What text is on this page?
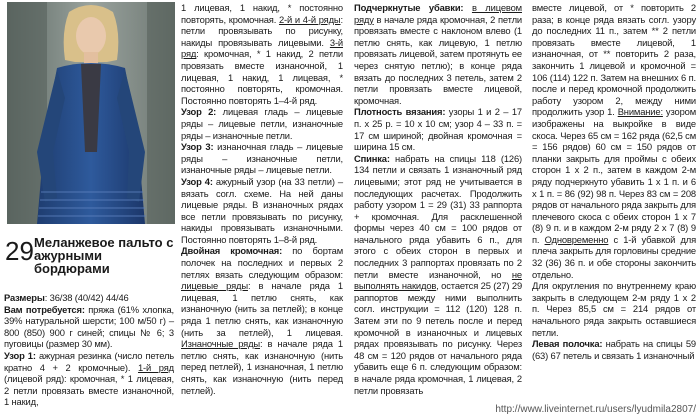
29 Меланжевое пальто с ажурными бордюрами

Размеры: 36/38 (40/42) 44/46

Вам потребуется: пряжа (61% хлопка, 39% натуральной шерсти; 100 м/50 г) – 800 (850) 900 г синей; спицы № 6; 3 пуговицы (размер 30 мм).

Узор 1: ажурная резинка (число петель кратно 4 + 2 кромочные). 1-й ряд (лицевой ряд): кромочная, * 1 лицевая, 2 петли провязать вместе изнаночной, 1 накид,

1 лицевая, 1 накид, * постоянно повторять, кромочная. 2-й и 4-й ряды: петли провязывать по рисунку, накиды провязывать лицевыми. 3-й ряд: кромочная, * 1 накид, 2 петли провязать вместе изнаночной, 1 лицевая, 1 накид, 1 лицевая, * постоянно повторять, кромочная. Постоянно повторять 1–4-й ряд.

Узор 2: лицевая гладь – лицевые ряды – лицевые петли, изнаночные ряды – изнаночные петли.

Узор 3: изнаночная гладь – лицевые ряды – изнаночные петли, изнаночные ряды – лицевые петли.

Узор 4: ажурный узор (на 33 петли) – вязать согл. схеме. На ней даны лицевые ряды. В изнаночных рядах все петли провязывать по рисунку, накиды провязывать изнаночными. Постоянно повторять 1–8-й ряд.

Двойная кромочная: по бортам полочек на последних и первых 2 петлях вязать следующим образом: лицевые ряды: в начале ряда 1 лицевая, 1 петлю снять, как изнаночную (нить за петлей); в конце ряда 1 петлю снять, как изнаночную (нить за петлей), 1 лицевая. Изнаночные ряды: в начале ряда 1 петлю снять, как изнаночную (нить перед петлей), 1 изнаночная, 1 петлю снять, как изнаночную (нить перед петлей).

Подчеркнутые убавки: в лицевом ряду в начале ряда кромочная, 2 петли провязать вместе с наклоном влево (1 петлю снять, как лицевую, 1 петлю провязать лицевой, затем протянуть ее через снятую петлю); в конце ряда вязать до последних 3 петель, затем 2 петли провязать вместе лицевой, кромочная.

Плотность вязания: узоры 1 и 2 – 17 п. x 25 р. = 10 x 10 см; узор 4 – 33 п. = 17 см шириной; двойная кромочная = ширина 15 см.

Спинка: набрать на спицы 118 (126) 134 петли и связать 1 изнаночный ряд лицевыми; этот ряд не учитывается в последующих расчетах. Продолжить работу узором 1 = 29 (31) 33 раппорта + кромочная. Для расклешенной формы через 40 см = 100 рядов от начального ряда убавить 6 п., для этого с обеих сторон в первых и последних 3 раппортах провязать по 2 петли вместе изнаночной, но не выполнять накидов, остается 25 (27) 29 раппортов между ними выполнить согл. инструкции = 112 (120) 128 п. Затем эти по 9 петель после и перед кромочной в изнаночных и лицевых рядах провязывать по рисунку. Через 48 см = 120 рядов от начального ряда убавить еще 6 п. следующим образом: в начале ряда кромочная, 1 лицевая, 2 петли провязать

вместе лицевой, от * повторить 2 раза; в конце ряда вязать согл. узору до последних 11 п., затем ** 2 петли провязать вместе лицевой, 1 изнаночная, от ** повторить 2 раза, закончить 1 лицевой и кромочной = 106 (114) 122 п. Затем на внешних 6 п. после и перед кромочной продолжить работу узором 2, между ними продолжить узор 1. Внимание: узором изображены на выкройке в виде скоса. Через 65 см = 162 ряда (62,5 см = 156 рядов) 60 см = 150 рядов от планки закрыть для проймы с обеих сторон 1 x 2 п., затем в каждом 2-м ряду подчеркнуто убавить 1 x 1 п. и 6 x 1 п. = 86 (92) 98 п. Через 83 см = 208 рядов от начального ряда закрыть для плечевого скоса с обеих сторон 1 x 7 (8) 9 п. и в каждом 2-м ряду 2 x 7 (8) 9 п. Одновременно с 1-й убавкой для плеча закрыть для горловины средние 32 (36) 36 п. и обе стороны закончить отдельно.

Для округления по внутреннему краю закрыть в следующем 2-м ряду 1 x 2 п. Через 85,5 см = 214 рядов от начального ряда закрыть оставшиеся петли.

Левая полочка: набрать на спицы 59 (63) 67 петель и связать 1 изнаночный

http://www.liveinternet.ru/users/lyudmila2807/
